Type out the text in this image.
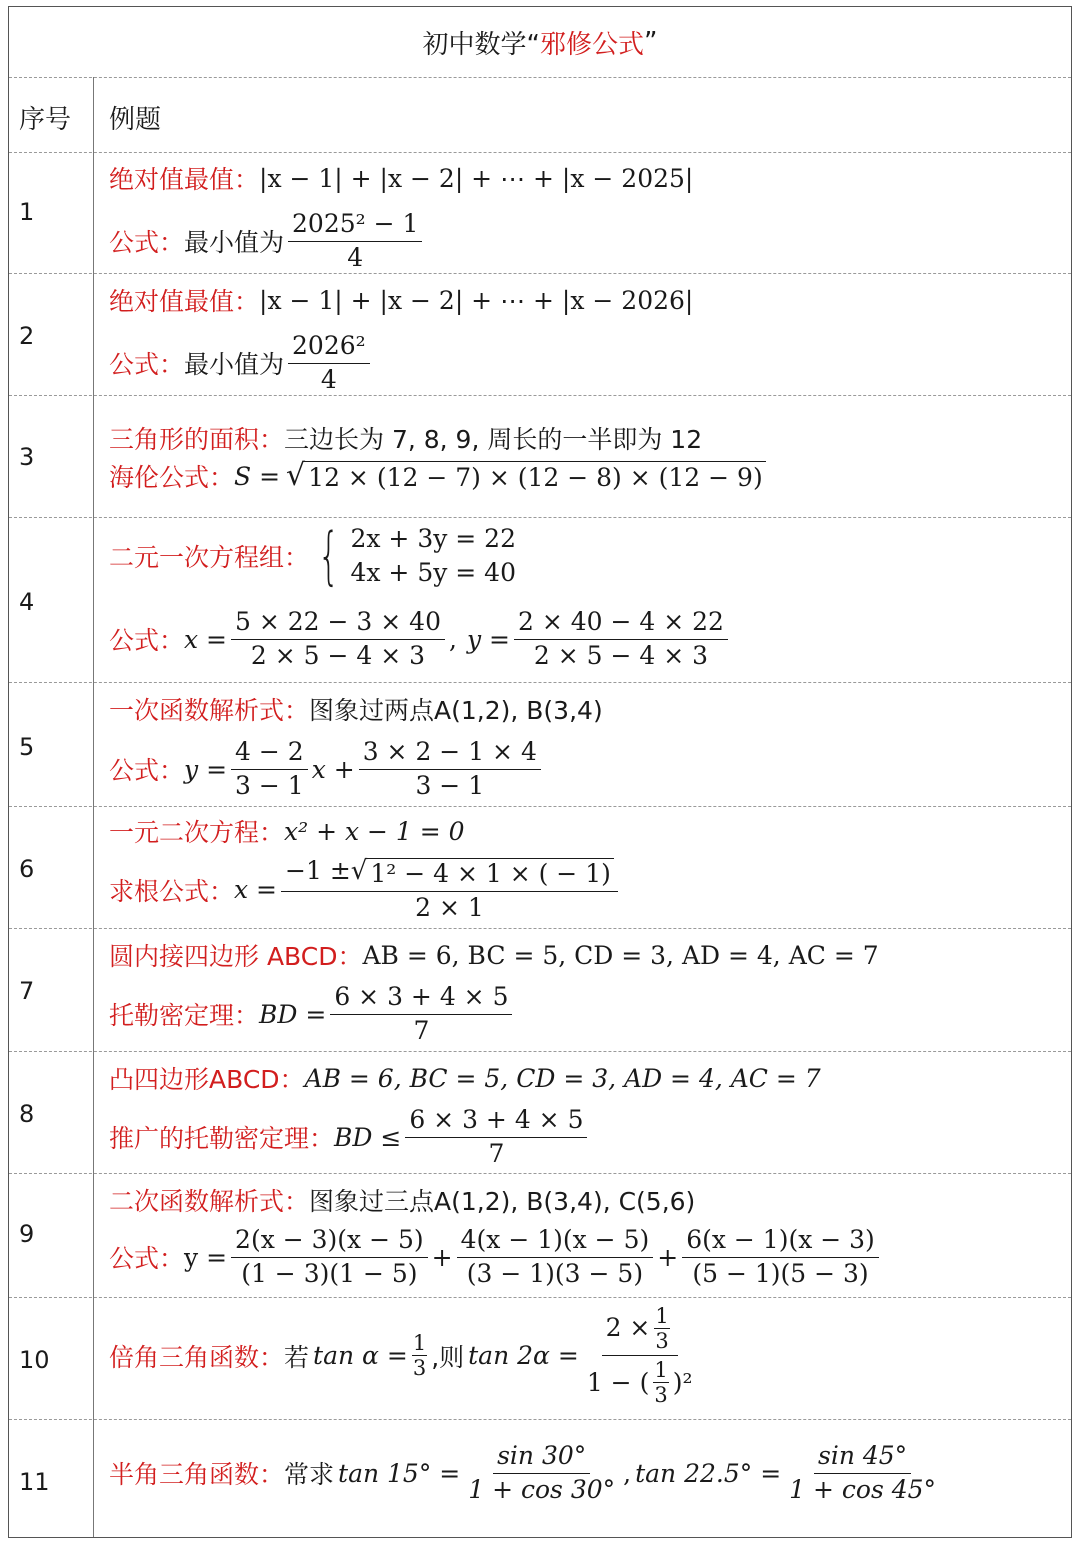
初中数学“ 邪修公式 ”
序号 例题
1
绝对值最值： |x − 1| + |x − 2| + ⋯ + |x − 2025|
公式： 最小值为 $\frac{\text{2025² − 1}}{4}$
2
绝对值最值： |x − 1| + |x − 2| + ⋯ + |x − 2026|
公式： 最小值为 $\frac{\text{2026²}}{4}$
3
三角形的面积： 三边长为 7, 8, 9, 周长的一半即为 12
海伦公式： S = √ 12 × (12 − 7) × (12 − 8) × (12 − 9)
4
二元一次方程组： { 2x + 3y = 22
4x + 5y = 40
公式： $x = \frac{5 \times 22 - 3 \times 40}{2 \times 5 - 4 \times 3}$ , $y = \frac{2 \times 40 - 4 \times 22}{2 \times 5 - 4 \times 3}$
5
一次函数解析式： 图象过两点A(1,2), B(3,4)
公式： $y = \frac{4 - 2}{3 - 1}$ $x + \frac{3 \times 2 - 1 \times 4}{3 - 1}$
6
一元二次方程： x² + x − 1 = 0
求根公式： $x = \frac{\text{−1 ± √ 1² − 4 × 1 × ( − 1)}}{2 \times 1}$
7
圆内接四边形 ABCD： AB = 6, BC = 5, CD = 3, AD = 4, AC = 7
托勒密定理： BD = $\frac{6 \times 3 + 4 \times 5}{7}$
8
凸四边形ABCD： AB = 6, BC = 5, CD = 3, AD = 4, AC = 7
推广的托勒密定理： BD ≤ $\frac{6 \times 3 + 4 \times 5}{7}$
9
二次函数解析式： 图象过三点A(1,2), B(3,4), C(5,6)
公式： $y = \frac{2(x - 3)(x - 5)}{(1 - 3)(1 - 5)} + \frac{4(x - 1)(x - 5)}{(3 - 1)(3 - 5)} + \frac{6(x - 1)(x - 3)}{(5 - 1)(5 - 3)}$
10 倍角三角函数： 若 $\tan \alpha = \frac{1}{3}$ ,则 $\tan 2\alpha = \frac{2 \times \frac{1}{3}}{1 - ( \frac{1}{3} )^2}$
11 半角三角函数： 常求 $\tan 15^\circ = \frac{\sin 30^\circ}{1 + \cos 30^\circ}$ , $\tan 22.5^\circ = \frac{\sin 45^\circ}{1 + \cos 45^\circ}$
